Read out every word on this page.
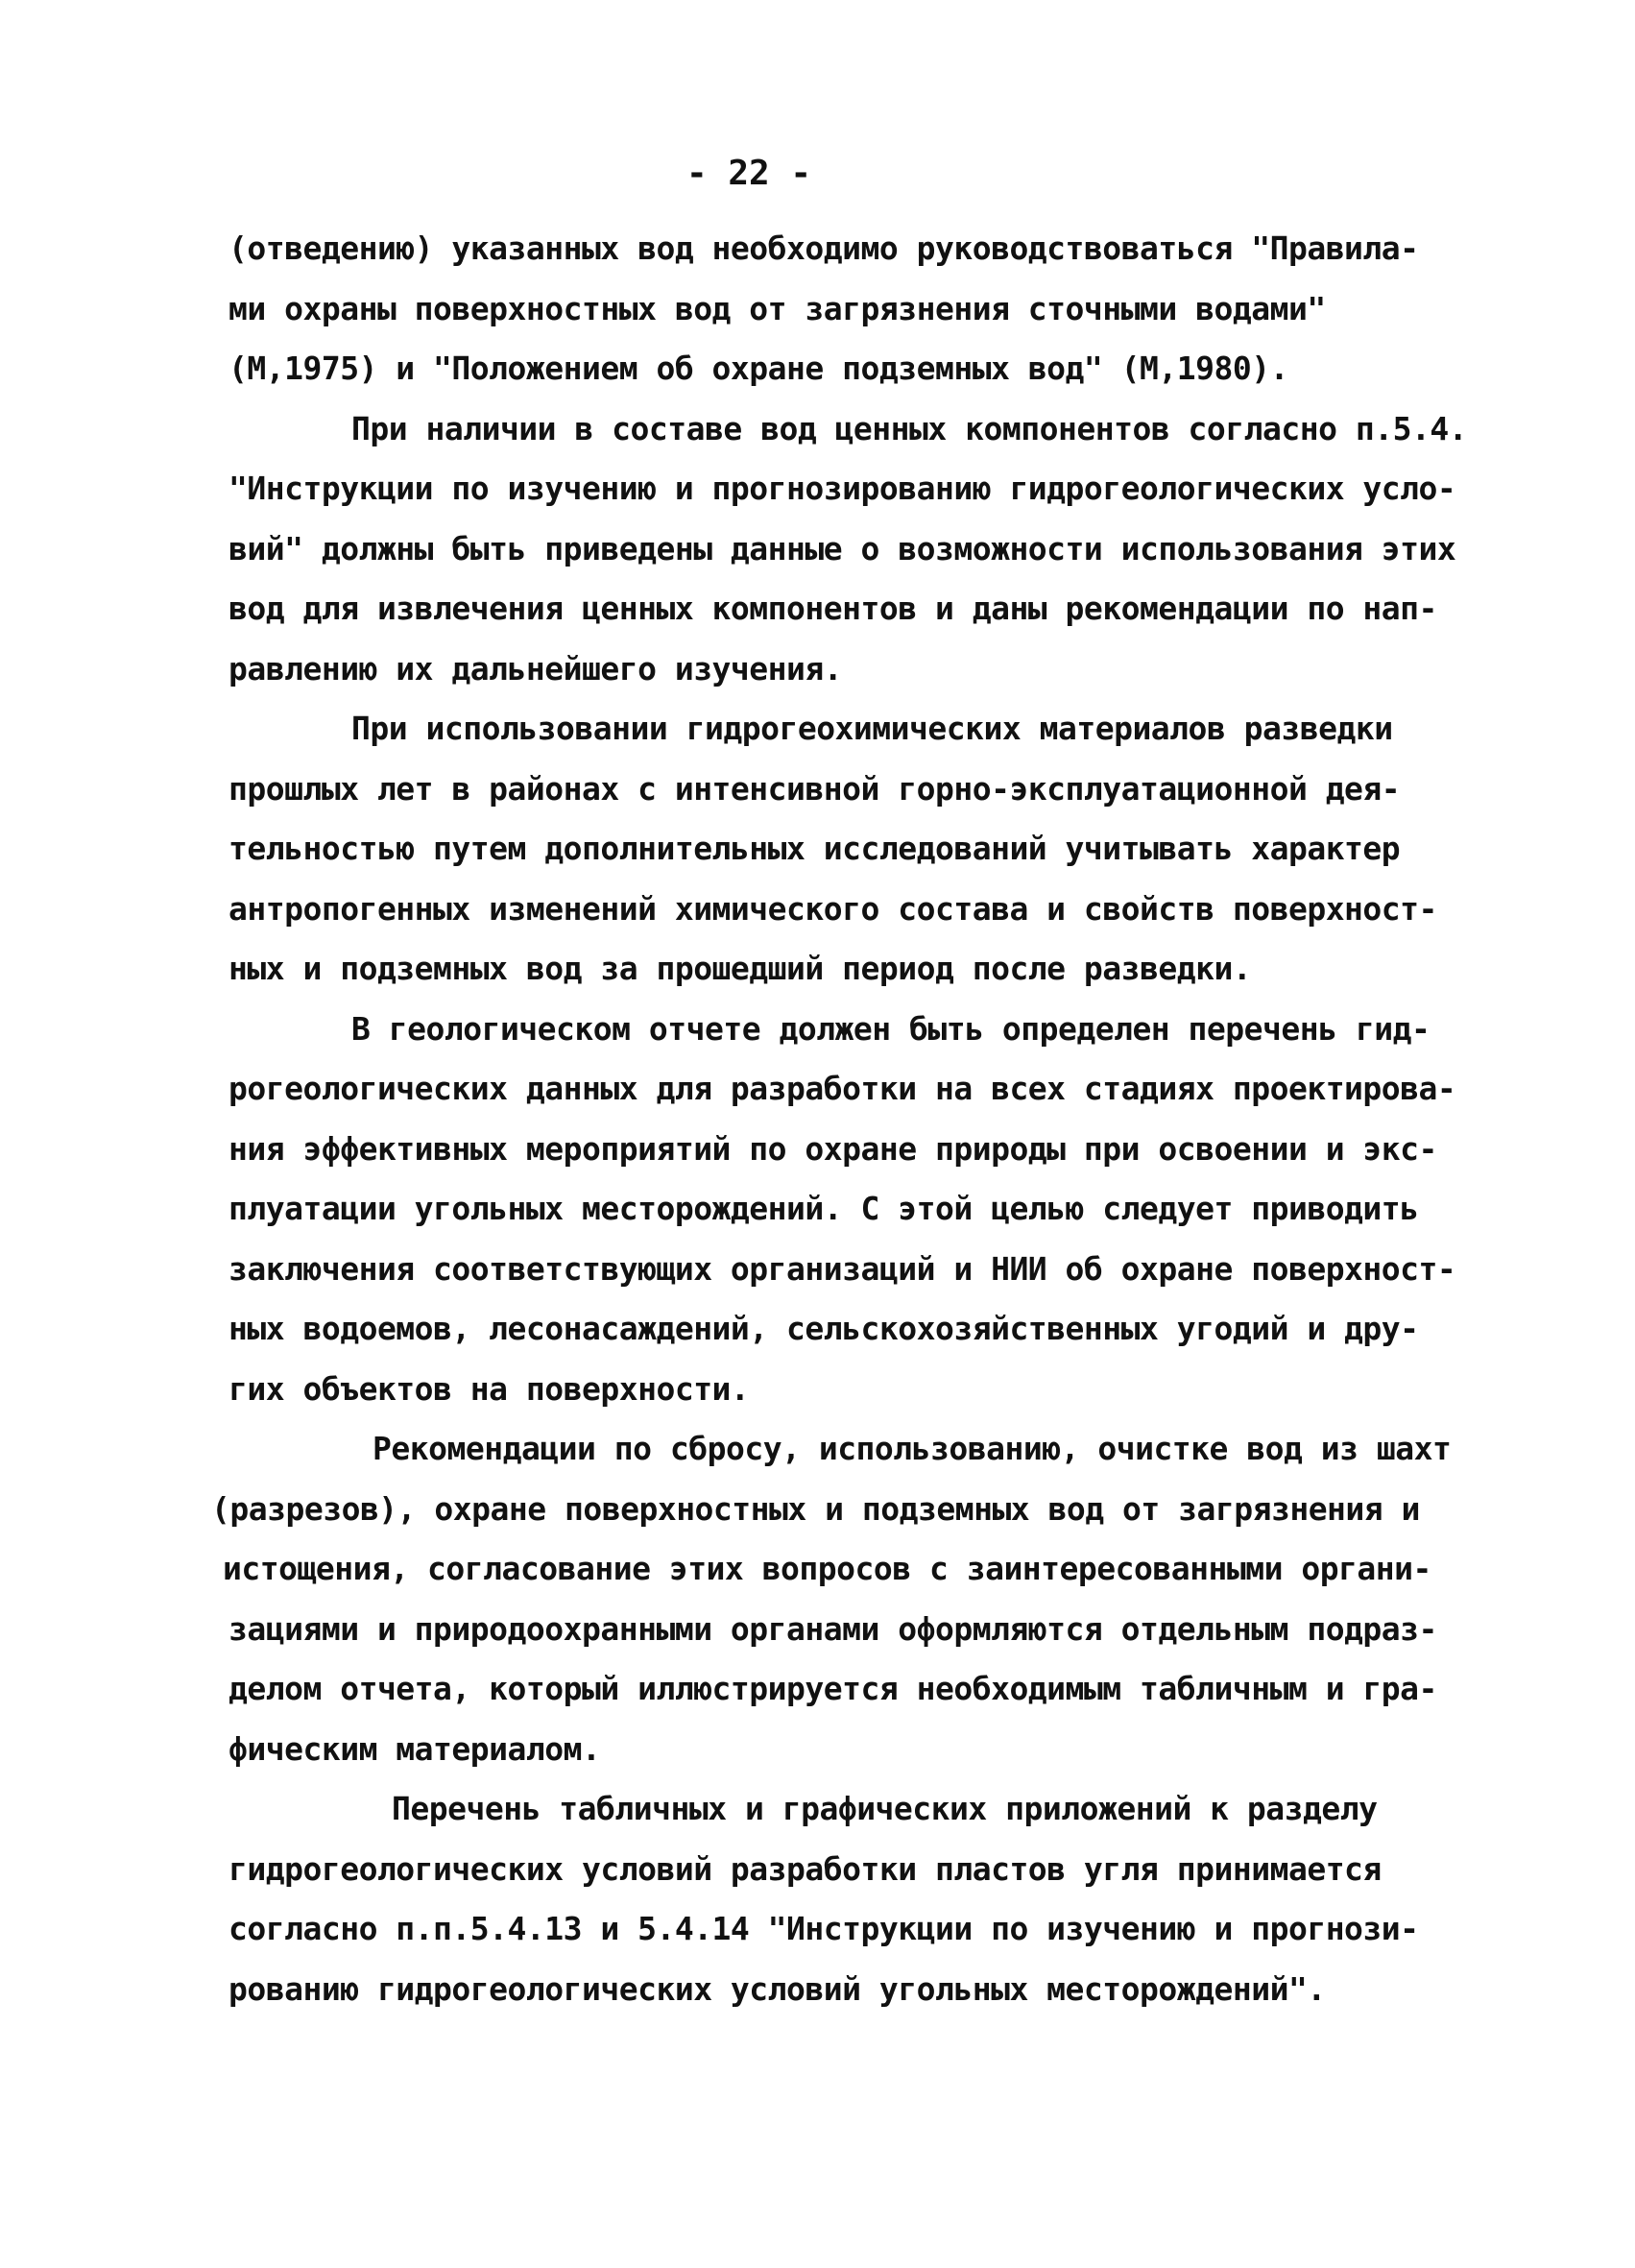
- 22 -
(отведению) указанных вод необходимо руководствоваться "Правила-
ми охраны поверхностных вод от загрязнения сточными водами"
(М,1975) и "Положением об охране подземных вод" (М,1980).
При наличии в составе вод ценных компонентов согласно п.5.4.
"Инструкции по изучению и прогнозированию гидрогеологических усло-
вий" должны быть приведены данные о возможности использования этих
вод для извлечения ценных компонентов и даны рекомендации по нап-
равлению их дальнейшего изучения.
При использовании гидрогеохимических материалов разведки
прошлых лет в районах с интенсивной горно-эксплуатационной дея-
тельностью путем дополнительных исследований учитывать характер
антропогенных изменений химического состава и свойств поверхност-
ных и подземных вод за прошедший период после разведки.
В геологическом отчете должен быть определен перечень гид-
рогеологических данных для разработки на всех стадиях проектирова-
ния эффективных мероприятий по охране природы при освоении и экс-
плуатации угольных месторождений. С этой целью следует приводить
заключения соответствующих организаций и НИИ об охране поверхност-
ных водоемов, лесонасаждений, сельскохозяйственных угодий и дру-
гих объектов на поверхности.
Рекомендации по сбросу, использованию, очистке вод из шахт
(разрезов), охране поверхностных и подземных вод от загрязнения и
истощения, согласование этих вопросов с заинтересованными органи-
зациями и природоохранными органами оформляются отдельным подраз-
делом отчета, который иллюстрируется необходимым табличным и гра-
фическим материалом.
Перечень табличных и графических приложений к разделу
гидрогеологических условий разработки пластов угля принимается
согласно п.п.5.4.13 и 5.4.14 "Инструкции по изучению и прогнози-
рованию гидрогеологических условий угольных месторождений".
